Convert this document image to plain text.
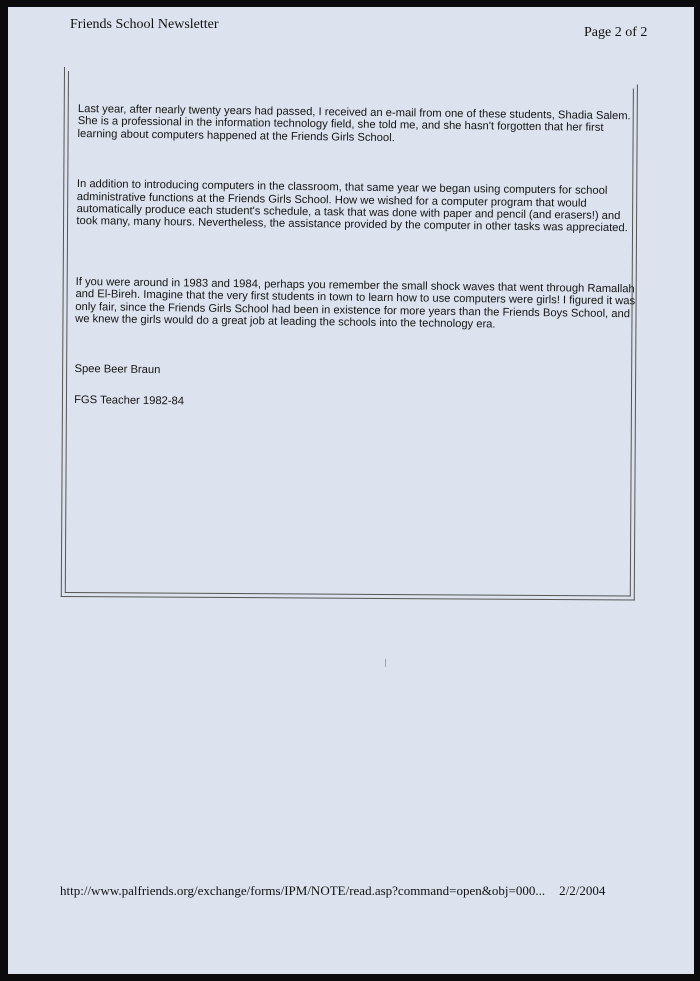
Friends School Newsletter
Page 2 of 2

Last year, after nearly twenty years had passed, I received an e-mail from one of these students, Shadia Salem. She is a professional in the information technology field, she told me, and she hasn't forgotten that her first learning about computers happened at the Friends Girls School.

In addition to introducing computers in the classroom, that same year we began using computers for school administrative functions at the Friends Girls School. How we wished for a computer program that would automatically produce each student's schedule, a task that was done with paper and pencil (and erasers!) and took many, many hours. Nevertheless, the assistance provided by the computer in other tasks was appreciated.

If you were around in 1983 and 1984, perhaps you remember the small shock waves that went through Ramallah and El-Bireh. Imagine that the very first students in town to learn how to use computers were girls! I figured it was only fair, since the Friends Girls School had been in existence for more years than the Friends Boys School, and we knew the girls would do a great job at leading the schools into the technology era.

Spee Beer Braun

FGS Teacher 1982-84

http://www.palfriends.org/exchange/forms/IPM/NOTE/read.asp?command=open&obj=000... 2/2/2004
